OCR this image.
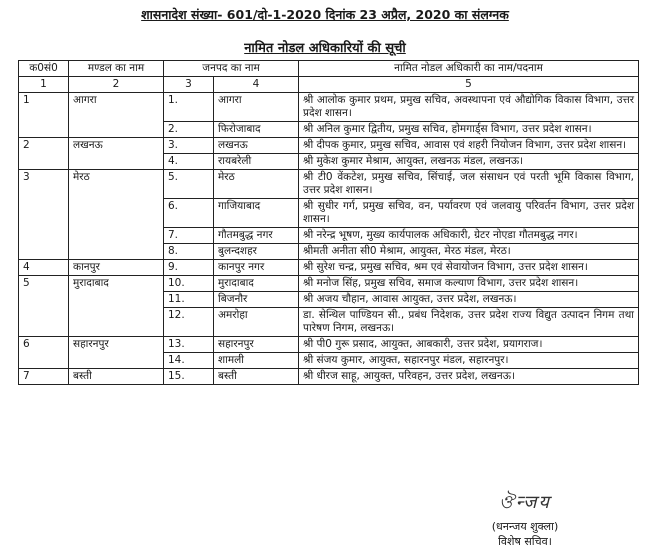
शासनादेश संख्या- 601/दो-1-2020 दिनांक 23 अप्रैल, 2020 का संलग्नक
नामित नोडल अधिकारियों की सूची
क0सं0	मण्डल का नाम	जनपद का नाम		नामित नोडल अधिकारी का नाम/पदनाम
1	2	3	4	5
1	आगरा	1.	आगरा	श्री आलोक कुमार प्रथम, प्रमुख सचिव, अवस्थापना एवं औद्योगिक विकास विभाग, उत्तर प्रदेश शासन।
		2.	फिरोजाबाद	श्री अनिल कुमार द्वितीय, प्रमुख सचिव, होमगार्ड्स विभाग, उत्तर प्रदेश शासन।
2	लखनऊ	3.	लखनऊ	श्री दीपक कुमार, प्रमुख सचिव, आवास एवं शहरी नियोजन विभाग, उत्तर प्रदेश शासन।
		4.	रायबरेली	श्री मुकेश कुमार मेश्राम, आयुक्त, लखनऊ मंडल, लखनऊ।
3	मेरठ	5.	मेरठ	श्री टी0 वेंकटेश, प्रमुख सचिव, सिंचाई, जल संसाधन एवं परती भूमि विकास विभाग, उत्तर प्रदेश शासन।
		6.	गाजियाबाद	श्री सुधीर गर्ग, प्रमुख सचिव, वन, पर्यावरण एवं जलवायु परिवर्तन विभाग, उत्तर प्रदेश शासन।
		7.	गौतमबुद्ध नगर	श्री नरेन्द्र भूषण, मुख्य कार्यपालक अधिकारी, ग्रेटर नोएडा गौतमबुद्ध नगर।
		8.	बुलन्दशहर	श्रीमती अनीता सी0 मेश्राम, आयुक्त, मेरठ मंडल, मेरठ।
4	कानपुर	9.	कानपुर नगर	श्री सुरेश चन्द्र, प्रमुख सचिव, श्रम एवं सेवायोजन विभाग, उत्तर प्रदेश शासन।
5	मुरादाबाद	10.	मुरादाबाद	श्री मनोज सिंह, प्रमुख सचिव, समाज कल्याण विभाग, उत्तर प्रदेश शासन।
		11.	बिजनौर	श्री अजय चौहान, आवास आयुक्त, उत्तर प्रदेश, लखनऊ।
		12.	अमरोहा	डा. सेन्थिल पाण्डियन सी., प्रबंध निदेशक, उत्तर प्रदेश राज्य विद्युत उत्पादन निगम तथा पारेषण निगम, लखनऊ।
6	सहारनपुर	13.	सहारनपुर	श्री पी0 गुरू प्रसाद, आयुक्त, आबकारी, उत्तर प्रदेश, प्रयागराज।
		14.	शामली	श्री संजय कुमार, आयुक्त, सहारनपुर मंडल, सहारनपुर।
7	बस्ती	15.	बस्ती	श्री धीरज साहू, आयुक्त, परिवहन, उत्तर प्रदेश, लखनऊ।
ঔन्जय
(धनन्जय शुक्ला)
विशेष सचिव।
